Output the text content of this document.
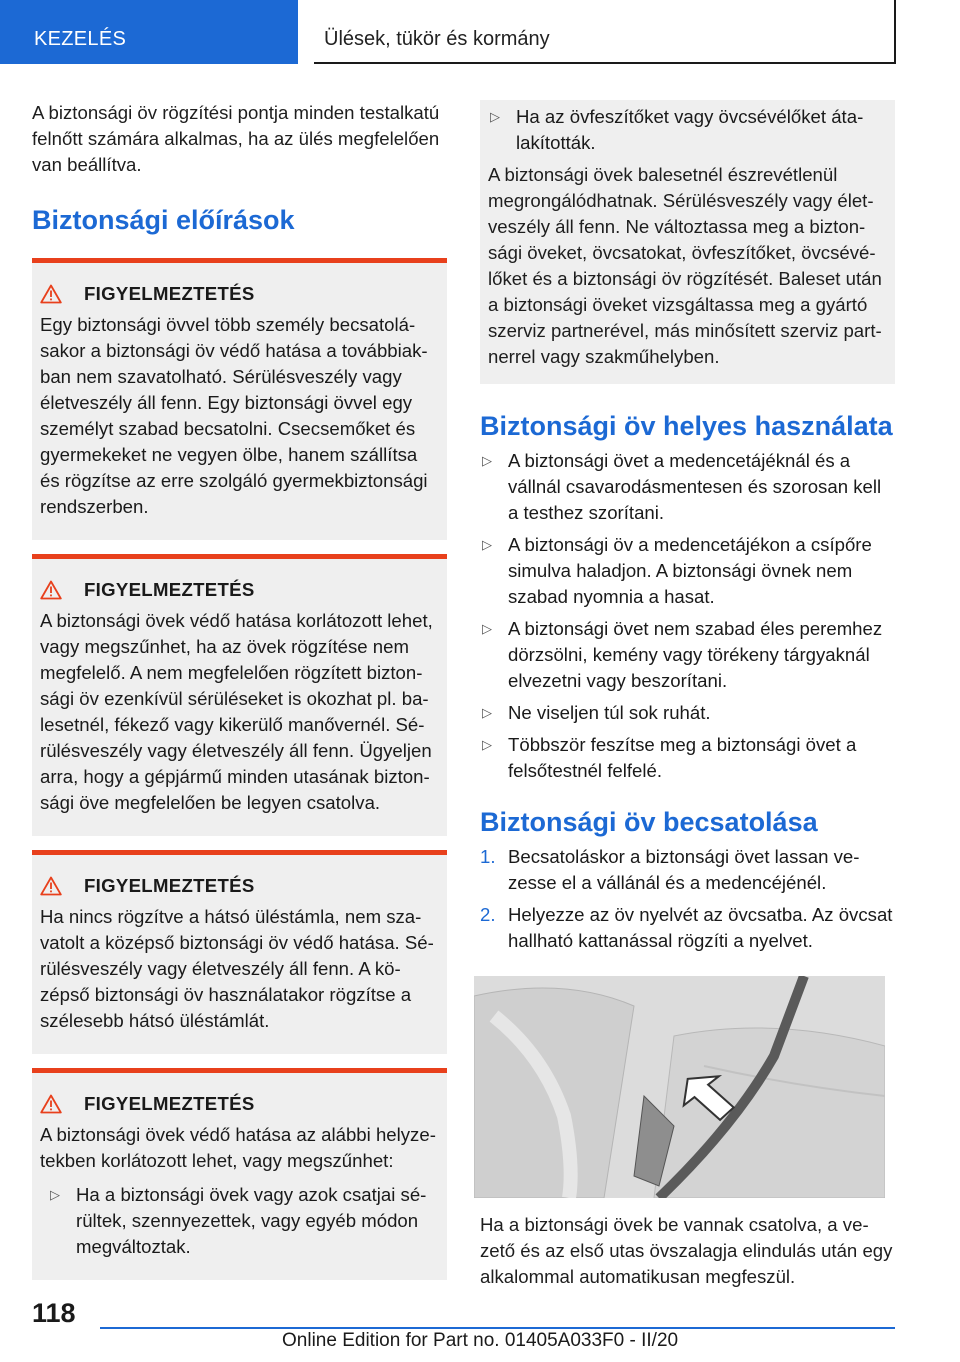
KEZELÉS	Ülések, tükör és kormány

A biztonsági öv rögzítési pontja minden testalkatú felnőtt számára alkalmas, ha az ülés megfelelően van beállítva.

Biztonsági előírások
FIGYELMEZTETÉS

Egy biztonsági övvel több személy becsatolásakor a biztonsági öv védő hatása a továbbiakban nem szavatolható. Sérülésveszély vagy életveszély áll fenn. Egy biztonsági övvel egy személyt szabad becsatolni. Csecsemőket és gyermekeket ne vegyen ölbe, hanem szállítsa és rögzítse az erre szolgáló gyermekbiztonsági rendszerben.

FIGYELMEZTETÉS

A biztonsági övek védő hatása korlátozott lehet, vagy megszűnhet, ha az övek rögzítése nem megfelelő. A nem megfelelően rögzített biztonsági öv ezenkívül sérüléseket is okozhat pl. balesetnél, fékező vagy kikerülő manővernél. Sérülésveszély vagy életveszély áll fenn. Ügyeljen arra, hogy a gépjármű minden utasának biztonsági öve megfelelően be legyen csatolva.

FIGYELMEZTETÉS

Ha nincs rögzítve a hátsó üléstámla, nem szavatolt a középső biztonsági öv védő hatása. Sérülésveszély vagy életveszély áll fenn. A középső biztonsági öv használatakor rögzítse a szélesebb hátsó üléstámlát.

FIGYELMEZTETÉS

A biztonsági övek védő hatása az alábbi helyzetekben korlátozott lehet, vagy megszűnhet:

▷ Ha a biztonsági övek vagy azok csatjai sérültek, szennyezettek, vagy egyéb módon megváltoztak.
▷ Ha az övfeszítőket vagy övcsévélőket átalakították.

A biztonsági övek balesetnél észrevétlenül megrongálódhatnak. Sérülésveszély vagy életveszély áll fenn. Ne változtassa meg a biztonsági öveket, övcsatokat, övfeszítőket, övcsévélőket és a biztonsági öv rögzítését. Baleset után a biztonsági öveket vizsgáltassa meg a gyártó szerviz partnerével, más minősített szerviz partnerrel vagy szakműhelyben.

Biztonsági öv helyes használata
▷ A biztonsági övet a medencetájéknál és a vállnál csavarodásmentesen és szorosan kell a testhez szorítani.
▷ A biztonsági öv a medencetájékon a csípőre simulva haladjon. A biztonsági övnek nem szabad nyomnia a hasat.
▷ A biztonsági övet nem szabad éles peremhez dörzsölni, kemény vagy törékeny tárgyaknál elvezetni vagy beszorítani.
▷ Ne viseljen túl sok ruhát.
▷ Többször feszítse meg a biztonsági övet a felsőtestnél felfelé.
Biztonsági öv becsatolása
1. Becsatoláskor a biztonsági övet lassan vezesse el a vállánál és a medencéjénél.
2. Helyezze az öv nyelvét az övcsatba. Az övcsat hallható kattanással rögzíti a nyelvet.

Ha a biztonsági övek be vannak csatolva, a vezető és az első utas övszalagja elindulás után egy alkalommal automatikusan megfeszül.

118
Online Edition for Part no. 01405A033F0 - II/20
